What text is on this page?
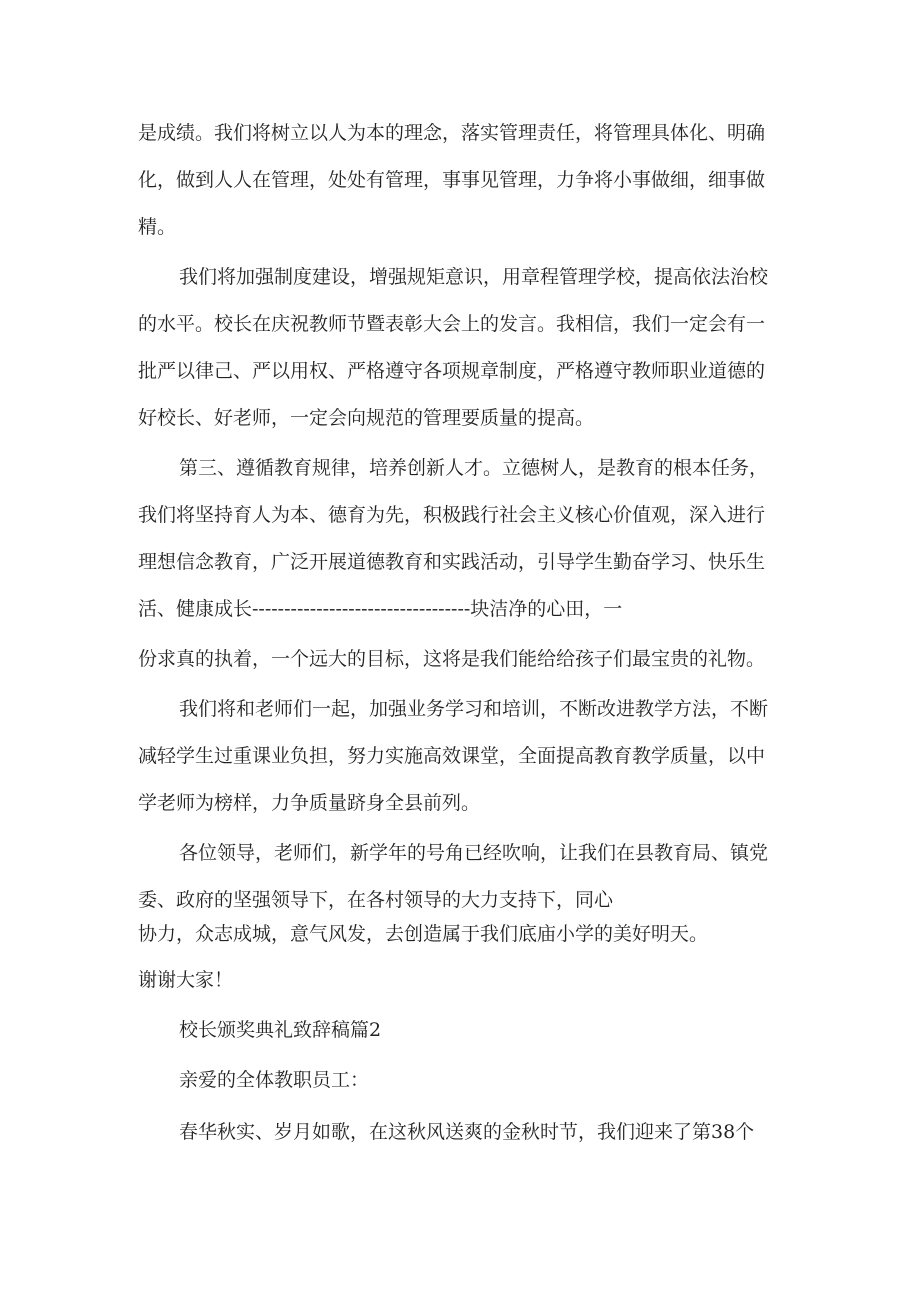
是成绩。我们将树立以人为本的理念，落实管理责任，将管理具体化、明确
化，做到人人在管理，处处有管理，事事见管理，力争将小事做细，细事做
精。
我们将加强制度建设，增强规矩意识，用章程管理学校，提高依法治校
的水平。校长在庆祝教师节暨表彰大会上的发言。我相信，我们一定会有一
批严以律己、严以用权、严格遵守各项规章制度，严格遵守教师职业道德的
好校长、好老师，一定会向规范的管理要质量的提高。
第三、遵循教育规律，培养创新人才。立德树人，是教育的根本任务，
我们将坚持育人为本、德育为先，积极践行社会主义核心价值观，深入进行
理想信念教育，广泛开展道德教育和实践活动，引导学生勤奋学习、快乐生
活、健康成长----------------------------------块洁净的心田，一
份求真的执着，一个远大的目标，这将是我们能给给孩子们最宝贵的礼物。
我们将和老师们一起，加强业务学习和培训，不断改进教学方法，不断
减轻学生过重课业负担，努力实施高效课堂，全面提高教育教学质量，以中
学老师为榜样，力争质量跻身全县前列。
各位领导，老师们，新学年的号角已经吹响，让我们在县教育局、镇党
委、政府的坚强领导下，在各村领导的大力支持下，同心
协力，众志成城，意气风发，去创造属于我们底庙小学的美好明天。
谢谢大家！
校长颁奖典礼致辞稿篇2
亲爱的全体教职员工：
春华秋实、岁月如歌，在这秋风送爽的金秋时节，我们迎来了第38个
